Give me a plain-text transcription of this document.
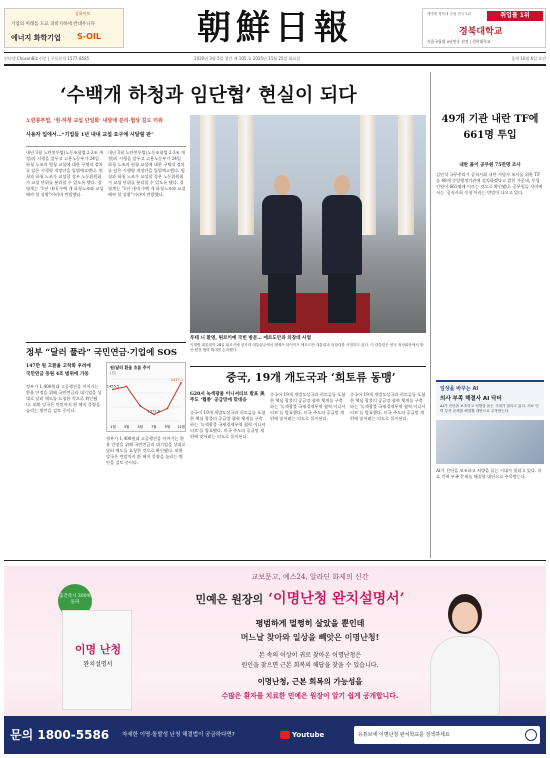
상하이트
기업의 미래를 도교 피비지하세 반대우니다
에너지 화학기업 S-OIL	朝鮮日報	계명대 경북대 국립 전국 1위	취업률 1위
경북대학교
서울국립대 4년연속 선정 | 경북대학교
인터넷 ChosunBiz 신문 | 구독문의 1577-8585	1920년 3월 5일 창간 제 105 호 2025년 11월 25일 화요일	음력 10월 6일 오전
‘수백개 하청과 임단협’ 현실이 되다
노란봉투법, ‘원·하청 교섭 단일화’ 내달에 분리·협상 길도 터줘
사용자 입에서…“기업들 1년 내내 교섭 요구에 시달릴 판”
내년 3월 노란봉투법(노동조합법 2·3조 개정)의 시행을 앞두고 고용노동부가 24일 하청 노조의 원청 교섭에 대한 구체적 절차를 담은 시행령 개정안을 입법예고했다. 원청과 하청 노조가 교섭할 경우 노동위원회가 교섭 단위를 분리할 수 있도록 했다. 경영계는 “1년 내내 수백 개 하청노조와 교섭해야 할 상황”이라며 반발했다.
내년 3월 노란봉투법(노동조합법 2·3조 개정)의 시행을 앞두고 고용노동부가 24일 하청 노조의 원청 교섭에 대한 구체적 절차를 담은 시행령 개정안을 입법예고했다. 원청과 하청 노조가 교섭할 경우 노동위원회가 교섭 단위를 분리할 수 있도록 했다. 경영계는 “1년 내내 수백 개 하청노조와 교섭해야 할 상황”이라며 반발했다.
루테 니 환영, 튀르키예 국빈 방문… 에르도안과 의장대 사열
이재명 대통령이 24일 튀르키예 앙카라 대통령궁에서 레제프 타이이프 에르도안 대통령과 의장대를 사열하고 있다. 이 대통령은 양국 정상회담에서 방산·원전 협력 확대를 논의했다.
정부 “달러 풀라” 국민연금·기업에 SOS
147만 원 고환율 고착화 우려에
국민연금 동원 4조 범위에 가동
정부가 1,400원대 고공행진을 이어가는 환율 안정을 위해 국민연금과 대기업을 상대로 달러 매도를 요청한 것으로 확인됐다. 외환 당국은 연말까지 환 헤지 물량을 늘리는 방안을 검토 중이다.
원/달러 환율 흐름 추이
(원)
1월 3월 5월 7월 9월 11월
1455.5
1372.8
1477.1
정부가 1,400원대 고공행진을 이어가는 환율 안정을 위해 국민연금과 대기업을 상대로 달러 매도를 요청한 것으로 확인됐다. 외환 당국은 연말까지 환 헤지 물량을 늘리는 방안을 검토 중이다.
중국, 19개 개도국과 ‘희토류 동맹’
G20서 녹색광물 이니셔티브 발표 美주도 ‘협종’ 공급망에 맞대응
중국이 19개 개발도상국과 희토류를 포함한 핵심 광물의 공급망 협력 체계를 구축하는 ‘녹색광물 국제경제무역 협력 이니셔티브’를 발표했다. 미국 주도의 공급망 재편에 맞서려는 의도로 풀이된다.
중국이 19개 개발도상국과 희토류를 포함한 핵심 광물의 공급망 협력 체계를 구축하는 ‘녹색광물 국제경제무역 협력 이니셔티브’를 발표했다. 미국 주도의 공급망 재편에 맞서려는 의도로 풀이된다.
중국이 19개 개발도상국과 희토류를 포함한 핵심 광물의 공급망 협력 체계를 구축하는 ‘녹색광물 국제경제무역 협력 이니셔티브’를 발표했다. 미국 주도의 공급망 재편에 맞서려는 의도로 풀이된다.
49개 기관 내란 TF에 661명 투입
내란 몰이 공무원 75만명 조사
김민석 국무총리가 공직사회 내란 가담자 조사를 위한 TF를 49개 중앙행정기관에 설치하겠다고 밝힌 가운데, 투입 인원이 661명에 이르는 것으로 확인됐다. 공무원들 사이에서는 ‘공직사회 숙청’이라는 반발이 나오고 있다.
일상을 바꾸는 AI
의사 부족 해결사 AI 닥터
AI가 진단을 보조하고 처방을 돕는 시대가 열리고 있다. 의료 인력 부족 문제를 해결할 대안으로 주목받는다.
AI가 진단을 보조하고 처방을 돕는 시대가 열리고 있다. 의료 인력 부족 문제를 해결할 대안으로 주목받는다.
교보문고, 예스24, 알라딘 화제의 신간
민예은 원장의 ‘이명난청 완치설명서’
평범하게 멀쩡히 살았을 뿐인데
머느날 찾아와 일상을 빼앗은 이명난청!
본 속의 이상이 귀로 찾아온 이명난청은
원인을 찾으면 근본 회복의 해답을 찾을 수 있습니다.
이명난청, 근본 회복의 가능성을
수많은 환자를 치료한 민예은 원장이 알기 쉽게 공개합니다.
출간즉시 300위 돌파
이명 난청
완치설명서
문의 1800-5586 자세한 이명·돌발성 난청 해결법이 궁금하다면?	Youtube	유튜브에 이명난청 완치학교를 검색하세요
